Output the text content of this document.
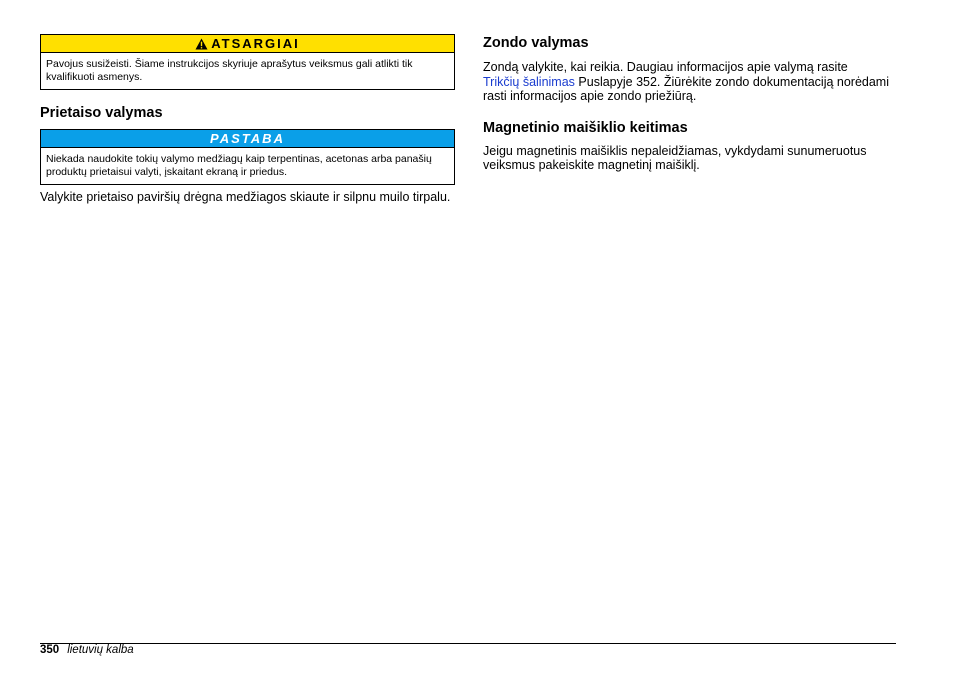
ATSARGIAI
Pavojus susižeisti. Šiame instrukcijos skyriuje aprašytus veiksmus gali atlikti tik kvalifikuoti asmenys.
Prietaiso valymas
PASTABA
Niekada naudokite tokių valymo medžiagų kaip terpentinas, acetonas arba panašių produktų prietaisui valyti, įskaitant ekraną ir priedus.

Valykite prietaiso paviršių drėgna medžiagos skiaute ir silpnu muilo tirpalu.

Zondo valymas

Zondą valykite, kai reikia. Daugiau informacijos apie valymą rasite
Trikčių šalinimas Puslapyje 352. Žiūrėkite zondo dokumentaciją norėdami rasti informacijos apie zondo priežiūrą.

Magnetinio maišiklio keitimas

Jeigu magnetinis maišiklis nepaleidžiamas, vykdydami sunumeruotus veiksmus pakeiskite magnetinį maišiklį.

350 lietuvių kalba
